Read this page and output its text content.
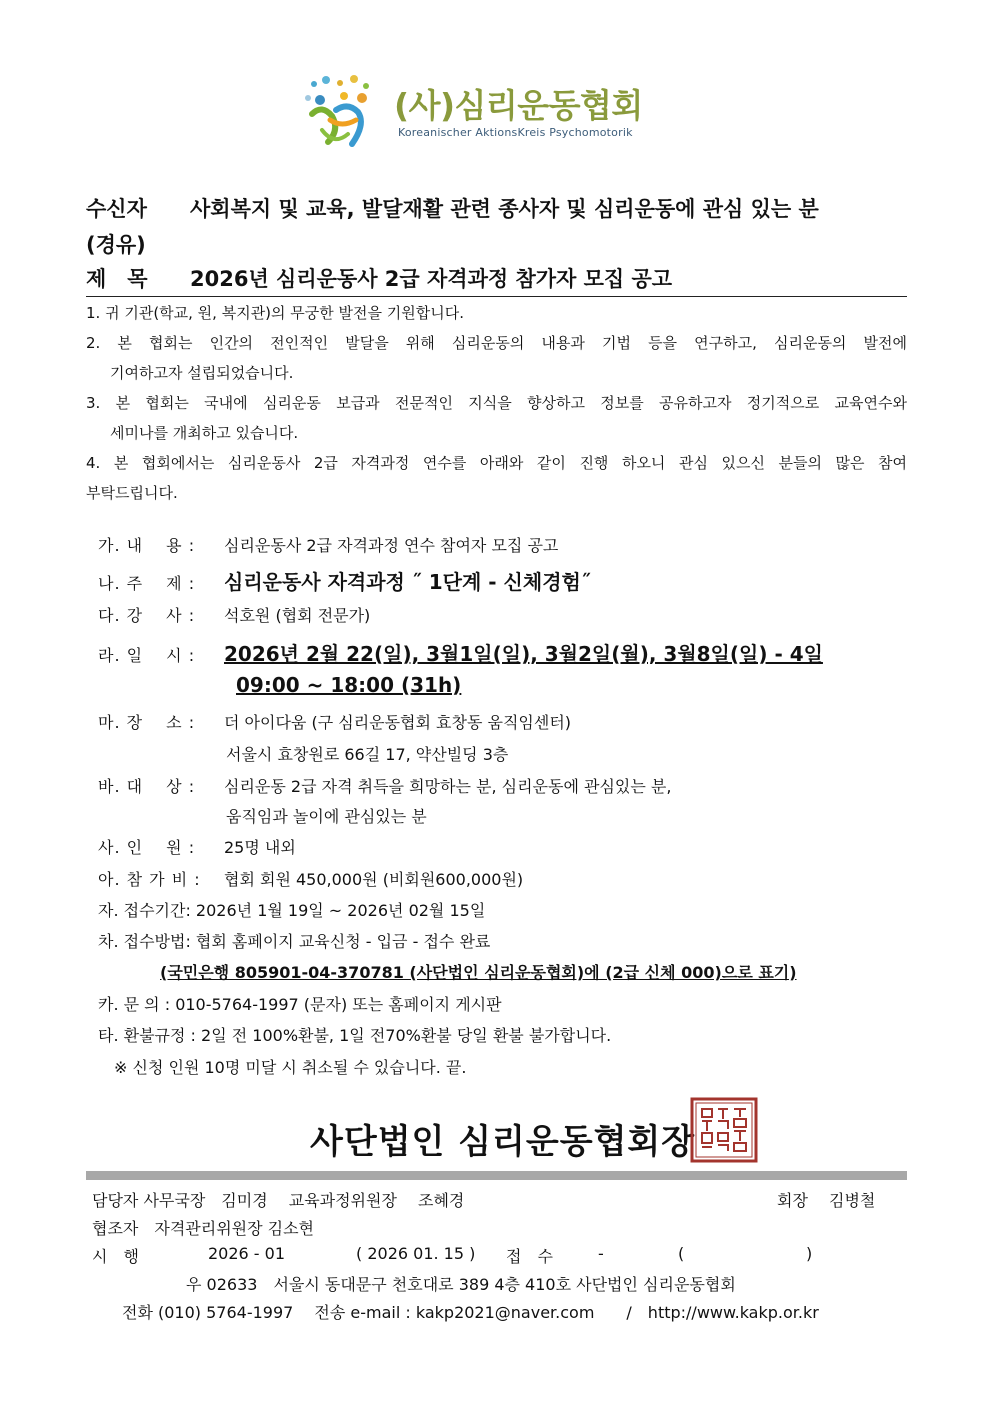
(사)심리운동협회
Koreanischer AktionsKreis Psychomotorik
수신자 사회복지 및 교육, 발달재활 관련 종사자 및 심리운동에 관심 있는 분
(경유)
제　목 2026년 심리운동사 2급 자격과정 참가자 모집 공고
1. 귀 기관(학교, 원, 복지관)의 무궁한 발전을 기원합니다.
2. 본 협회는 인간의 전인적인 발달을 위해 심리운동의 내용과 기법 등을 연구하고, 심리운동의 발전에
기여하고자 설립되었습니다.
3. 본 협회는 국내에 심리운동 보급과 전문적인 지식을 향상하고 정보를 공유하고자 정기적으로 교육연수와
세미나를 개최하고 있습니다.
4. 본 협회에서는 심리운동사 2급 자격과정 연수를 아래와 같이 진행 하오니 관심 있으신 분들의 많은 참여
부탁드립니다.
가. 내　 용 : 심리운동사 2급 자격과정 연수 참여자 모집 공고
나. 주　 제 : 심리운동사 자격과정 ˝ 1단계 - 신체경험˝
다. 강　 사 : 석호원 (협회 전문가)
라. 일　 시 : 2026년 2월 22(일), 3월1일(일), 3월2일(월), 3월8일(일) - 4일
09:00 ~ 18:00 (31h)
마. 장　 소 : 더 아이다움 (구 심리운동협회 효창동 움직임센터)
서울시 효창원로 66길 17, 약산빌딩 3층
바. 대　 상 : 심리운동 2급 자격 취득을 희망하는 분, 심리운동에 관심있는 분,
움직임과 놀이에 관심있는 분
사. 인　 원 : 25명 내외
아. 참 가 비 : 협회 회원 450,000원 (비회원600,000원)
자. 접수기간: 2026년 1월 19일 ~ 2026년 02월 15일
차. 접수방법: 협회 홈페이지 교육신청 - 입금 - 접수 완료
(국민은행 805901-04-370781 (사단법인 심리운동협회)에 (2급 신체 000)으로 표기)
카. 문 의 : 010-5764-1997 (문자) 또는 홈페이지 게시판
타. 환불규정 : 2일 전 100%환불, 1일 전70%환불 당일 환불 불가합니다.
※ 신청 인원 10명 미달 시 취소될 수 있습니다. 끝.
사단법인 심리운동협회장
담당자 사무국장　김미경　 교육과정위원장　 조혜경	회장　 김병철
협조자　자격관리위원장 김소현
시　행	2026 - 01	( 2026 01. 15 ) 접　수	-	(	)
우 02633　서울시 동대문구 천호대로 389 4층 410호 사단법인 심리운동협회
전화 (010) 5764-1997　 전송 e-mail : kakp2021@naver.com　　/　http://www.kakp.or.kr
